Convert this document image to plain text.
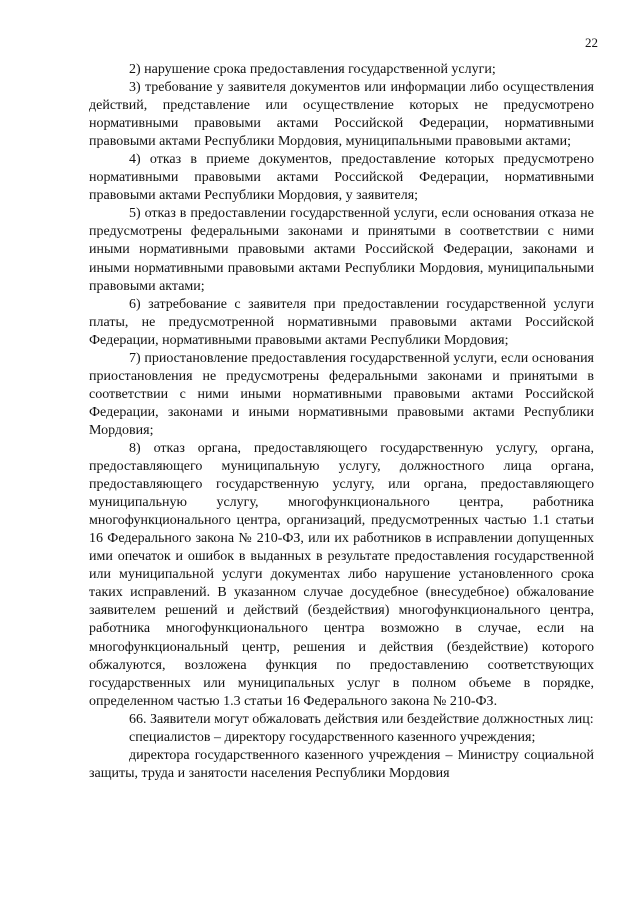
22

2) нарушение срока предоставления государственной услуги;

3) требование у заявителя документов или информации либо осуществления действий, представление или осуществление которых не предусмотрено нормативными правовыми актами Российской Федерации, нормативными правовыми актами Республики Мордовия, муниципальными правовыми актами;

4) отказ в приеме документов, предоставление которых предусмотрено нормативными правовыми актами Российской Федерации, нормативными правовыми актами Республики Мордовия, у заявителя;

5) отказ в предоставлении государственной услуги, если основания отказа не предусмотрены федеральными законами и принятыми в соответствии с ними иными нормативными правовыми актами Российской Федерации, законами и иными нормативными правовыми актами Республики Мордовия, муниципальными правовыми актами;

6) затребование с заявителя при предоставлении государственной услуги платы, не предусмотренной нормативными правовыми актами Российской Федерации, нормативными правовыми актами Республики Мордовия;

7) приостановление предоставления государственной услуги, если основания приостановления не предусмотрены федеральными законами и принятыми в соответствии с ними иными нормативными правовыми актами Российской Федерации, законами и иными нормативными правовыми актами Республики Мордовия;

8) отказ органа, предоставляющего государственную услугу, органа, предоставляющего муниципальную услугу, должностного лица органа, предоставляющего государственную услугу, или органа, предоставляющего муниципальную услугу, многофункционального центра, работника многофункционального центра, организаций, предусмотренных частью 1.1 статьи 16 Федерального закона № 210-ФЗ, или их работников в исправлении допущенных ими опечаток и ошибок в выданных в результате предоставления государственной или муниципальной услуги документах либо нарушение установленного срока таких исправлений. В указанном случае досудебное (внесудебное) обжалование заявителем решений и действий (бездействия) многофункционального центра, работника многофункционального центра возможно в случае, если на многофункциональный центр, решения и действия (бездействие) которого обжалуются, возложена функция по предоставлению соответствующих государственных или муниципальных услуг в полном объеме в порядке, определенном частью 1.3 статьи 16 Федерального закона № 210-ФЗ.

66. Заявители могут обжаловать действия или бездействие должностных лиц:

специалистов – директору государственного казенного учреждения;

директора государственного казенного учреждения – Министру социальной защиты, труда и занятости населения Республики Мордовия
